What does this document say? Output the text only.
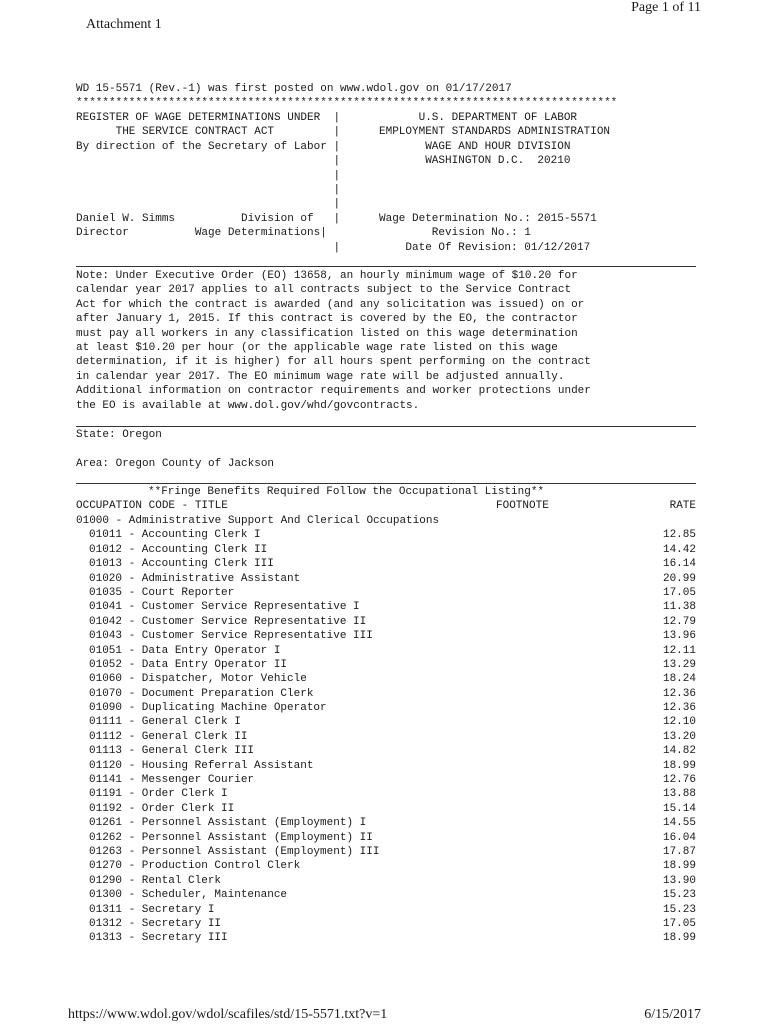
Page 1 of 11
Attachment 1
WD 15-5571 (Rev.-1) was first posted on www.wdol.gov on 01/17/2017
**********************************************************************************
REGISTER OF WAGE DETERMINATIONS UNDER  |
THE SERVICE CONTRACT ACT         |
By direction of the Secretary of Labor |
|
|
|
|
Daniel W. Simms          Division of   |
Director          Wage Determinations|
|
U.S. DEPARTMENT OF LABOR
EMPLOYMENT STANDARDS ADMINISTRATION
WAGE AND HOUR DIVISION
WASHINGTON D.C.  20210
Wage Determination No.: 2015-5571
Revision No.: 1
Date Of Revision: 01/12/2017
Note: Under Executive Order (EO) 13658, an hourly minimum wage of $10.20 for
calendar year 2017 applies to all contracts subject to the Service Contract
Act for which the contract is awarded (and any solicitation was issued) on or
after January 1, 2015. If this contract is covered by the EO, the contractor
must pay all workers in any classification listed on this wage determination
at least $10.20 per hour (or the applicable wage rate listed on this wage
determination, if it is higher) for all hours spent performing on the contract
in calendar year 2017. The EO minimum wage rate will be adjusted annually.
Additional information on contractor requirements and worker protections under
the EO is available at www.dol.gov/whd/govcontracts.
State: Oregon
Area: Oregon County of Jackson
**Fringe Benefits Required Follow the Occupational Listing**
OCCUPATION CODE - TITLE	FOOTNOTE	RATE
01000 - Administrative Support And Clerical Occupations
01011 - Accounting Clerk I	12.85
01012 - Accounting Clerk II	14.42
01013 - Accounting Clerk III	16.14
01020 - Administrative Assistant	20.99
01035 - Court Reporter	17.05
01041 - Customer Service Representative I	11.38
01042 - Customer Service Representative II	12.79
01043 - Customer Service Representative III	13.96
01051 - Data Entry Operator I	12.11
01052 - Data Entry Operator II	13.29
01060 - Dispatcher, Motor Vehicle	18.24
01070 - Document Preparation Clerk	12.36
01090 - Duplicating Machine Operator	12.36
01111 - General Clerk I	12.10
01112 - General Clerk II	13.20
01113 - General Clerk III	14.82
01120 - Housing Referral Assistant	18.99
01141 - Messenger Courier	12.76
01191 - Order Clerk I	13.88
01192 - Order Clerk II	15.14
01261 - Personnel Assistant (Employment) I	14.55
01262 - Personnel Assistant (Employment) II	16.04
01263 - Personnel Assistant (Employment) III	17.87
01270 - Production Control Clerk	18.99
01290 - Rental Clerk	13.90
01300 - Scheduler, Maintenance	15.23
01311 - Secretary I	15.23
01312 - Secretary II	17.05
01313 - Secretary III	18.99
https://www.wdol.gov/wdol/scafiles/std/15-5571.txt?v=1	6/15/2017
